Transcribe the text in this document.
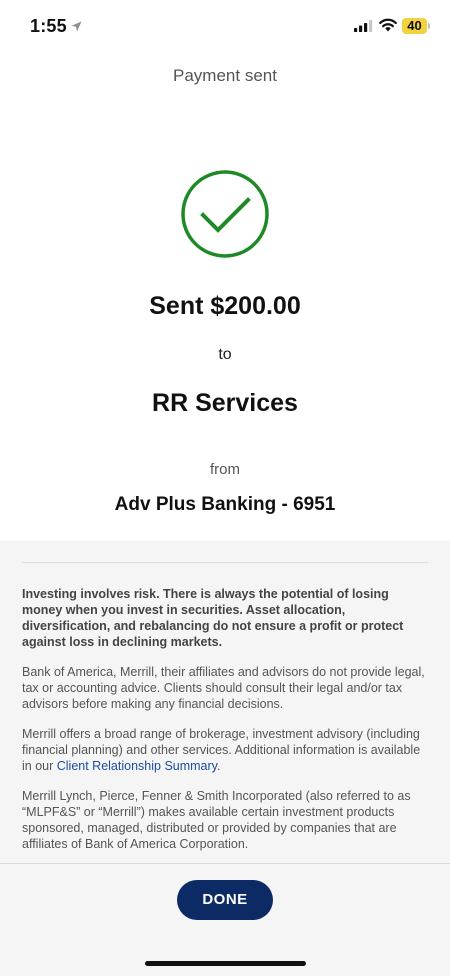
1:55	40
Payment sent
Sent $200.00
to
RR Services
from
Adv Plus Banking - 6951

Investing involves risk. There is always the potential of losing money when you invest in securities. Asset allocation, diversification, and rebalancing do not ensure a profit or protect against loss in declining markets.

Bank of America, Merrill, their affiliates and advisors do not provide legal, tax or accounting advice. Clients should consult their legal and/or tax advisors before making any financial decisions.

Merrill offers a broad range of brokerage, investment advisory (including financial planning) and other services. Additional information is available in our Client Relationship Summary.

Merrill Lynch, Pierce, Fenner & Smith Incorporated (also referred to as “MLPF&S” or “Merrill”) makes available certain investment products sponsored, managed, distributed or provided by companies that are affiliates of Bank of America Corporation.

DONE
